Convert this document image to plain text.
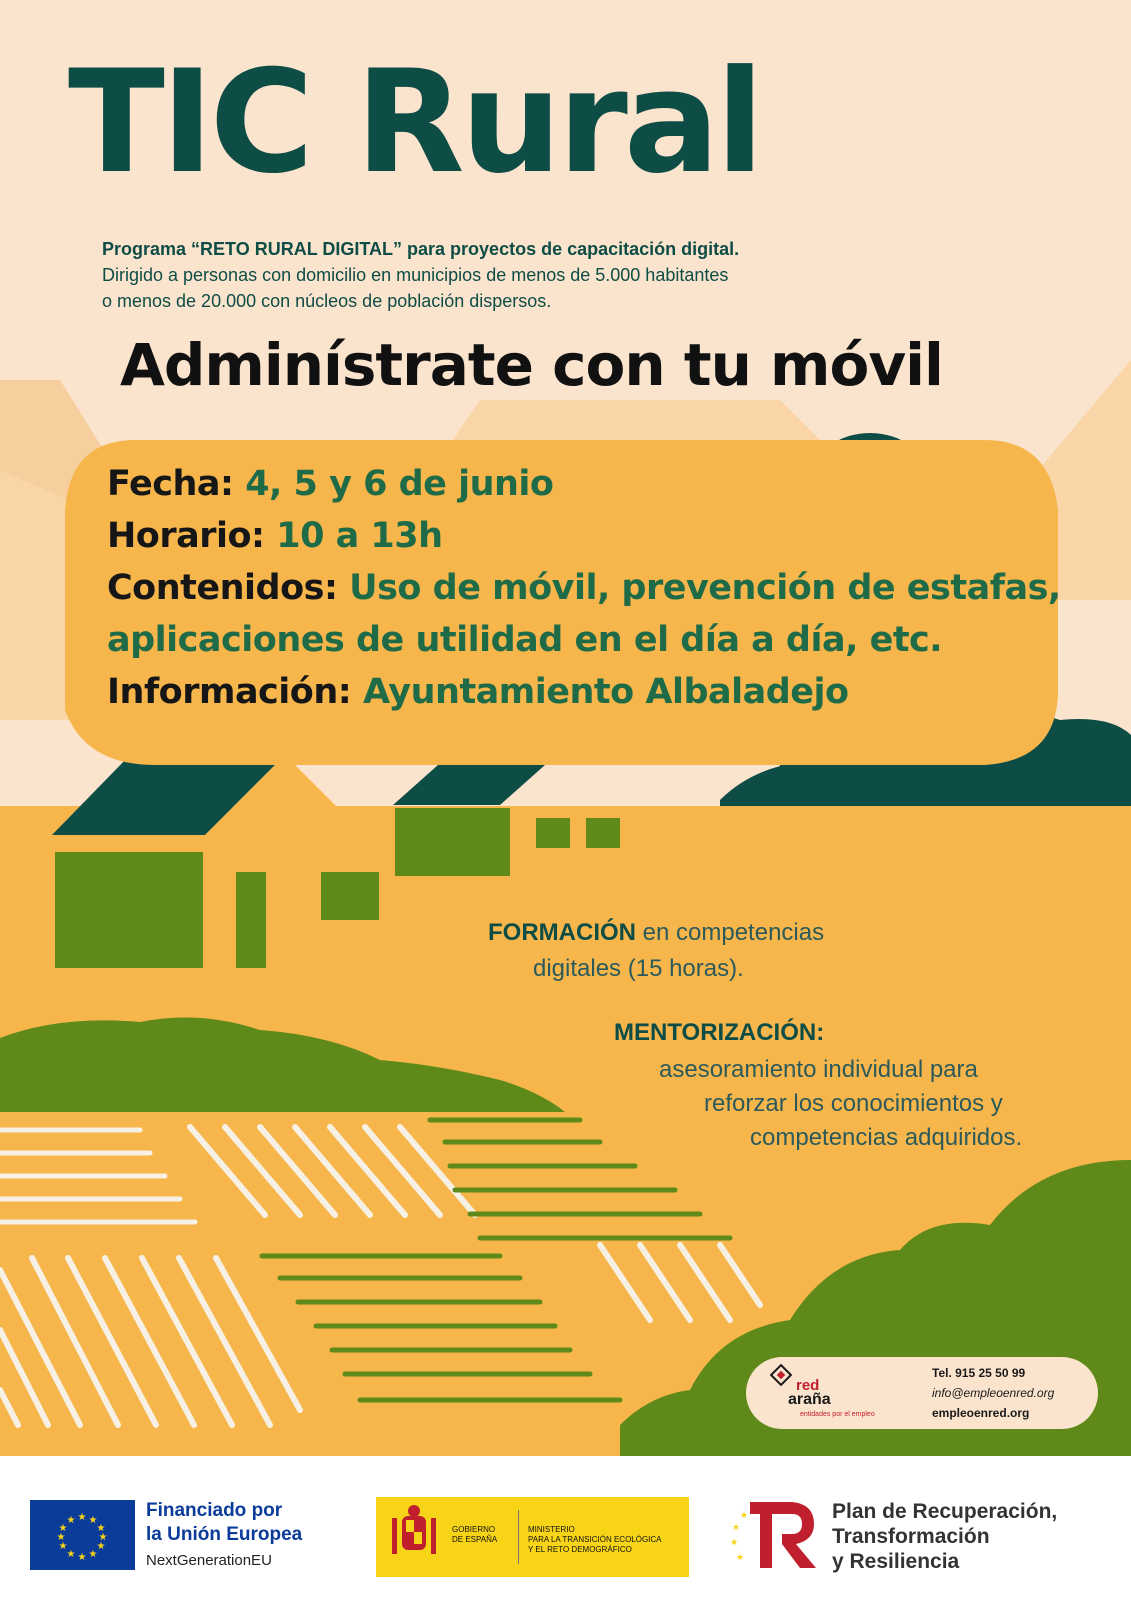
TIC Rural
Programa “RETO RURAL DIGITAL” para proyectos de capacitación digital.
Dirigido a personas con domicilio en municipios de menos de 5.000 habitantes
o menos de 20.000 con núcleos de población dispersos.
Adminístrate con tu móvil
Fecha: 4, 5 y 6 de junio
Horario: 10 a 13h
Contenidos: Uso de móvil, prevención de estafas,
aplicaciones de utilidad en el día a día, etc.
Información: Ayuntamiento Albaladejo
FORMACIÓN en competencias
digitales (15 horas).
MENTORIZACIÓN:
asesoramiento individual para
reforzar los conocimientos y
competencias adquiridos.
red
araña
entidades por el empleo
Tel. 915 25 50 99
info@empleoenred.org
empleoenred.org
★ ★
★
★
★
★
★
★
★
★
★
★	Financiado por
la Unión Europea
NextGenerationEU
GOBIERNO
DE ESPAÑA
MINISTERIO
PARA LA TRANSICIÓN ECOLÓGICA
Y EL RETO DEMOGRÁFICO
★
★
★
★	Plan de Recuperación,
Transformación
y Resiliencia
